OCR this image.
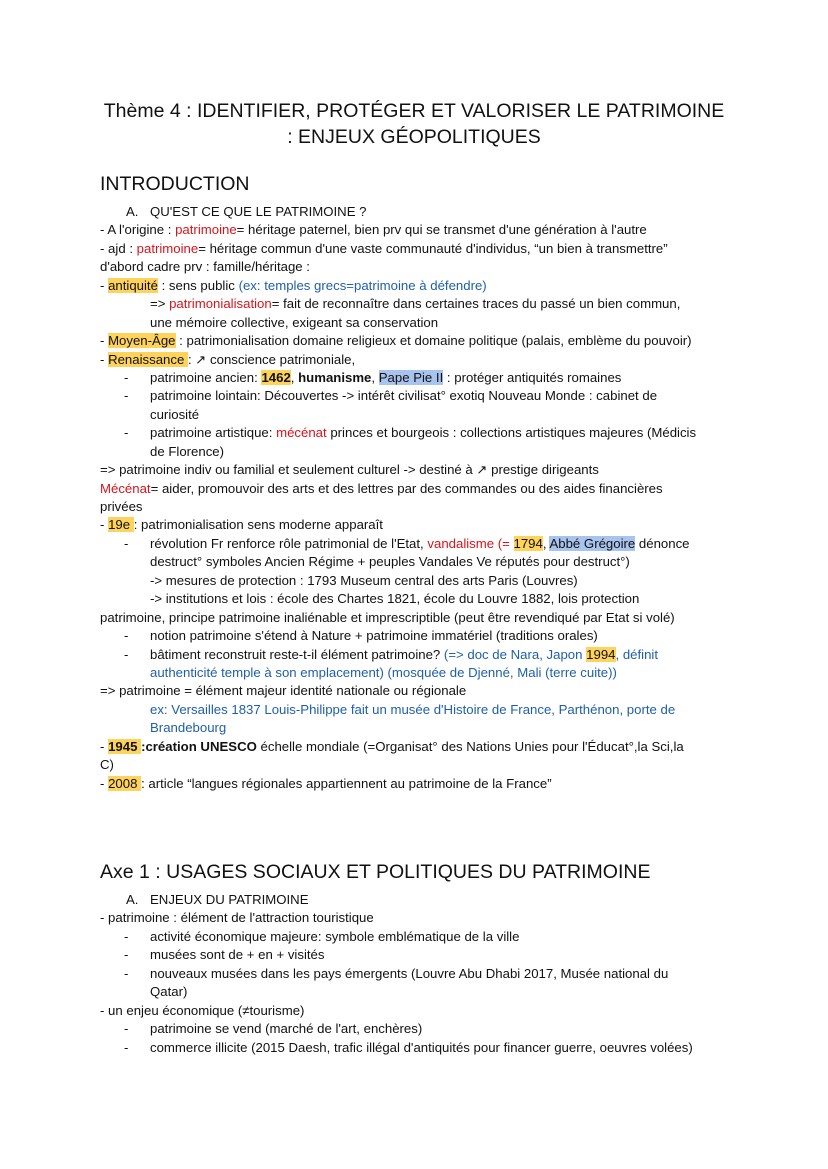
Thème 4 : IDENTIFIER, PROTÉGER ET VALORISER LE PATRIMOINE
: ENJEUX GÉOPOLITIQUES
INTRODUCTION
A. QU'EST CE QUE LE PATRIMOINE ?
- A l'origine : patrimoine= héritage paternel, bien prv qui se transmet d'une génération à l'autre
- ajd : patrimoine= héritage commun d'une vaste communauté d'individus, “un bien à transmettre”
d'abord cadre prv : famille/héritage :
- antiquité : sens public (ex: temples grecs=patrimoine à défendre)
=> patrimonialisation= fait de reconnaître dans certaines traces du passé un bien commun,
une mémoire collective, exigeant sa conservation
- Moyen-Âge : patrimonialisation domaine religieux et domaine politique (palais, emblème du pouvoir)
- Renaissance : ↗ conscience patrimoniale,
- patrimoine ancien: 1462, humanisme, Pape Pie II : protéger antiquités romaines
- patrimoine lointain: Découvertes -> intérêt civilisat° exotiq Nouveau Monde : cabinet de
curiosité
- patrimoine artistique: mécénat princes et bourgeois : collections artistiques majeures (Médicis
de Florence)
=> patrimoine indiv ou familial et seulement culturel -> destiné à ↗ prestige dirigeants
Mécénat= aider, promouvoir des arts et des lettres par des commandes ou des aides financières
privées
- 19e : patrimonialisation sens moderne apparaît
- révolution Fr renforce rôle patrimonial de l'Etat, vandalisme (= 1794, Abbé Grégoire dénonce
destruct° symboles Ancien Régime + peuples Vandales Ve réputés pour destruct°)
-> mesures de protection : 1793 Museum central des arts Paris (Louvres)
-> institutions et lois : école des Chartes 1821, école du Louvre 1882, lois protection
patrimoine, principe patrimoine inaliénable et imprescriptible (peut être revendiqué par Etat si volé)
- notion patrimoine s'étend à Nature + patrimoine immatériel (traditions orales)
- bâtiment reconstruit reste-t-il élément patrimoine? (=> doc de Nara, Japon 1994, définit
authenticité temple à son emplacement) (mosquée de Djenné, Mali (terre cuite))
=> patrimoine = élément majeur identité nationale ou régionale
ex: Versailles 1837 Louis-Philippe fait un musée d'Histoire de France, Parthénon, porte de
Brandebourg
- 1945 :création UNESCO échelle mondiale (=Organisat° des Nations Unies pour l'Éducat°,la Sci,la
C)
- 2008 : article “langues régionales appartiennent au patrimoine de la France”
Axe 1 : USAGES SOCIAUX ET POLITIQUES DU PATRIMOINE
A. ENJEUX DU PATRIMOINE
- patrimoine : élément de l'attraction touristique
- activité économique majeure: symbole emblématique de la ville
- musées sont de + en + visités
- nouveaux musées dans les pays émergents (Louvre Abu Dhabi 2017, Musée national du
Qatar)
- un enjeu économique (≠tourisme)
- patrimoine se vend (marché de l'art, enchères)
- commerce illicite (2015 Daesh, trafic illégal d'antiquités pour financer guerre, oeuvres volées)
